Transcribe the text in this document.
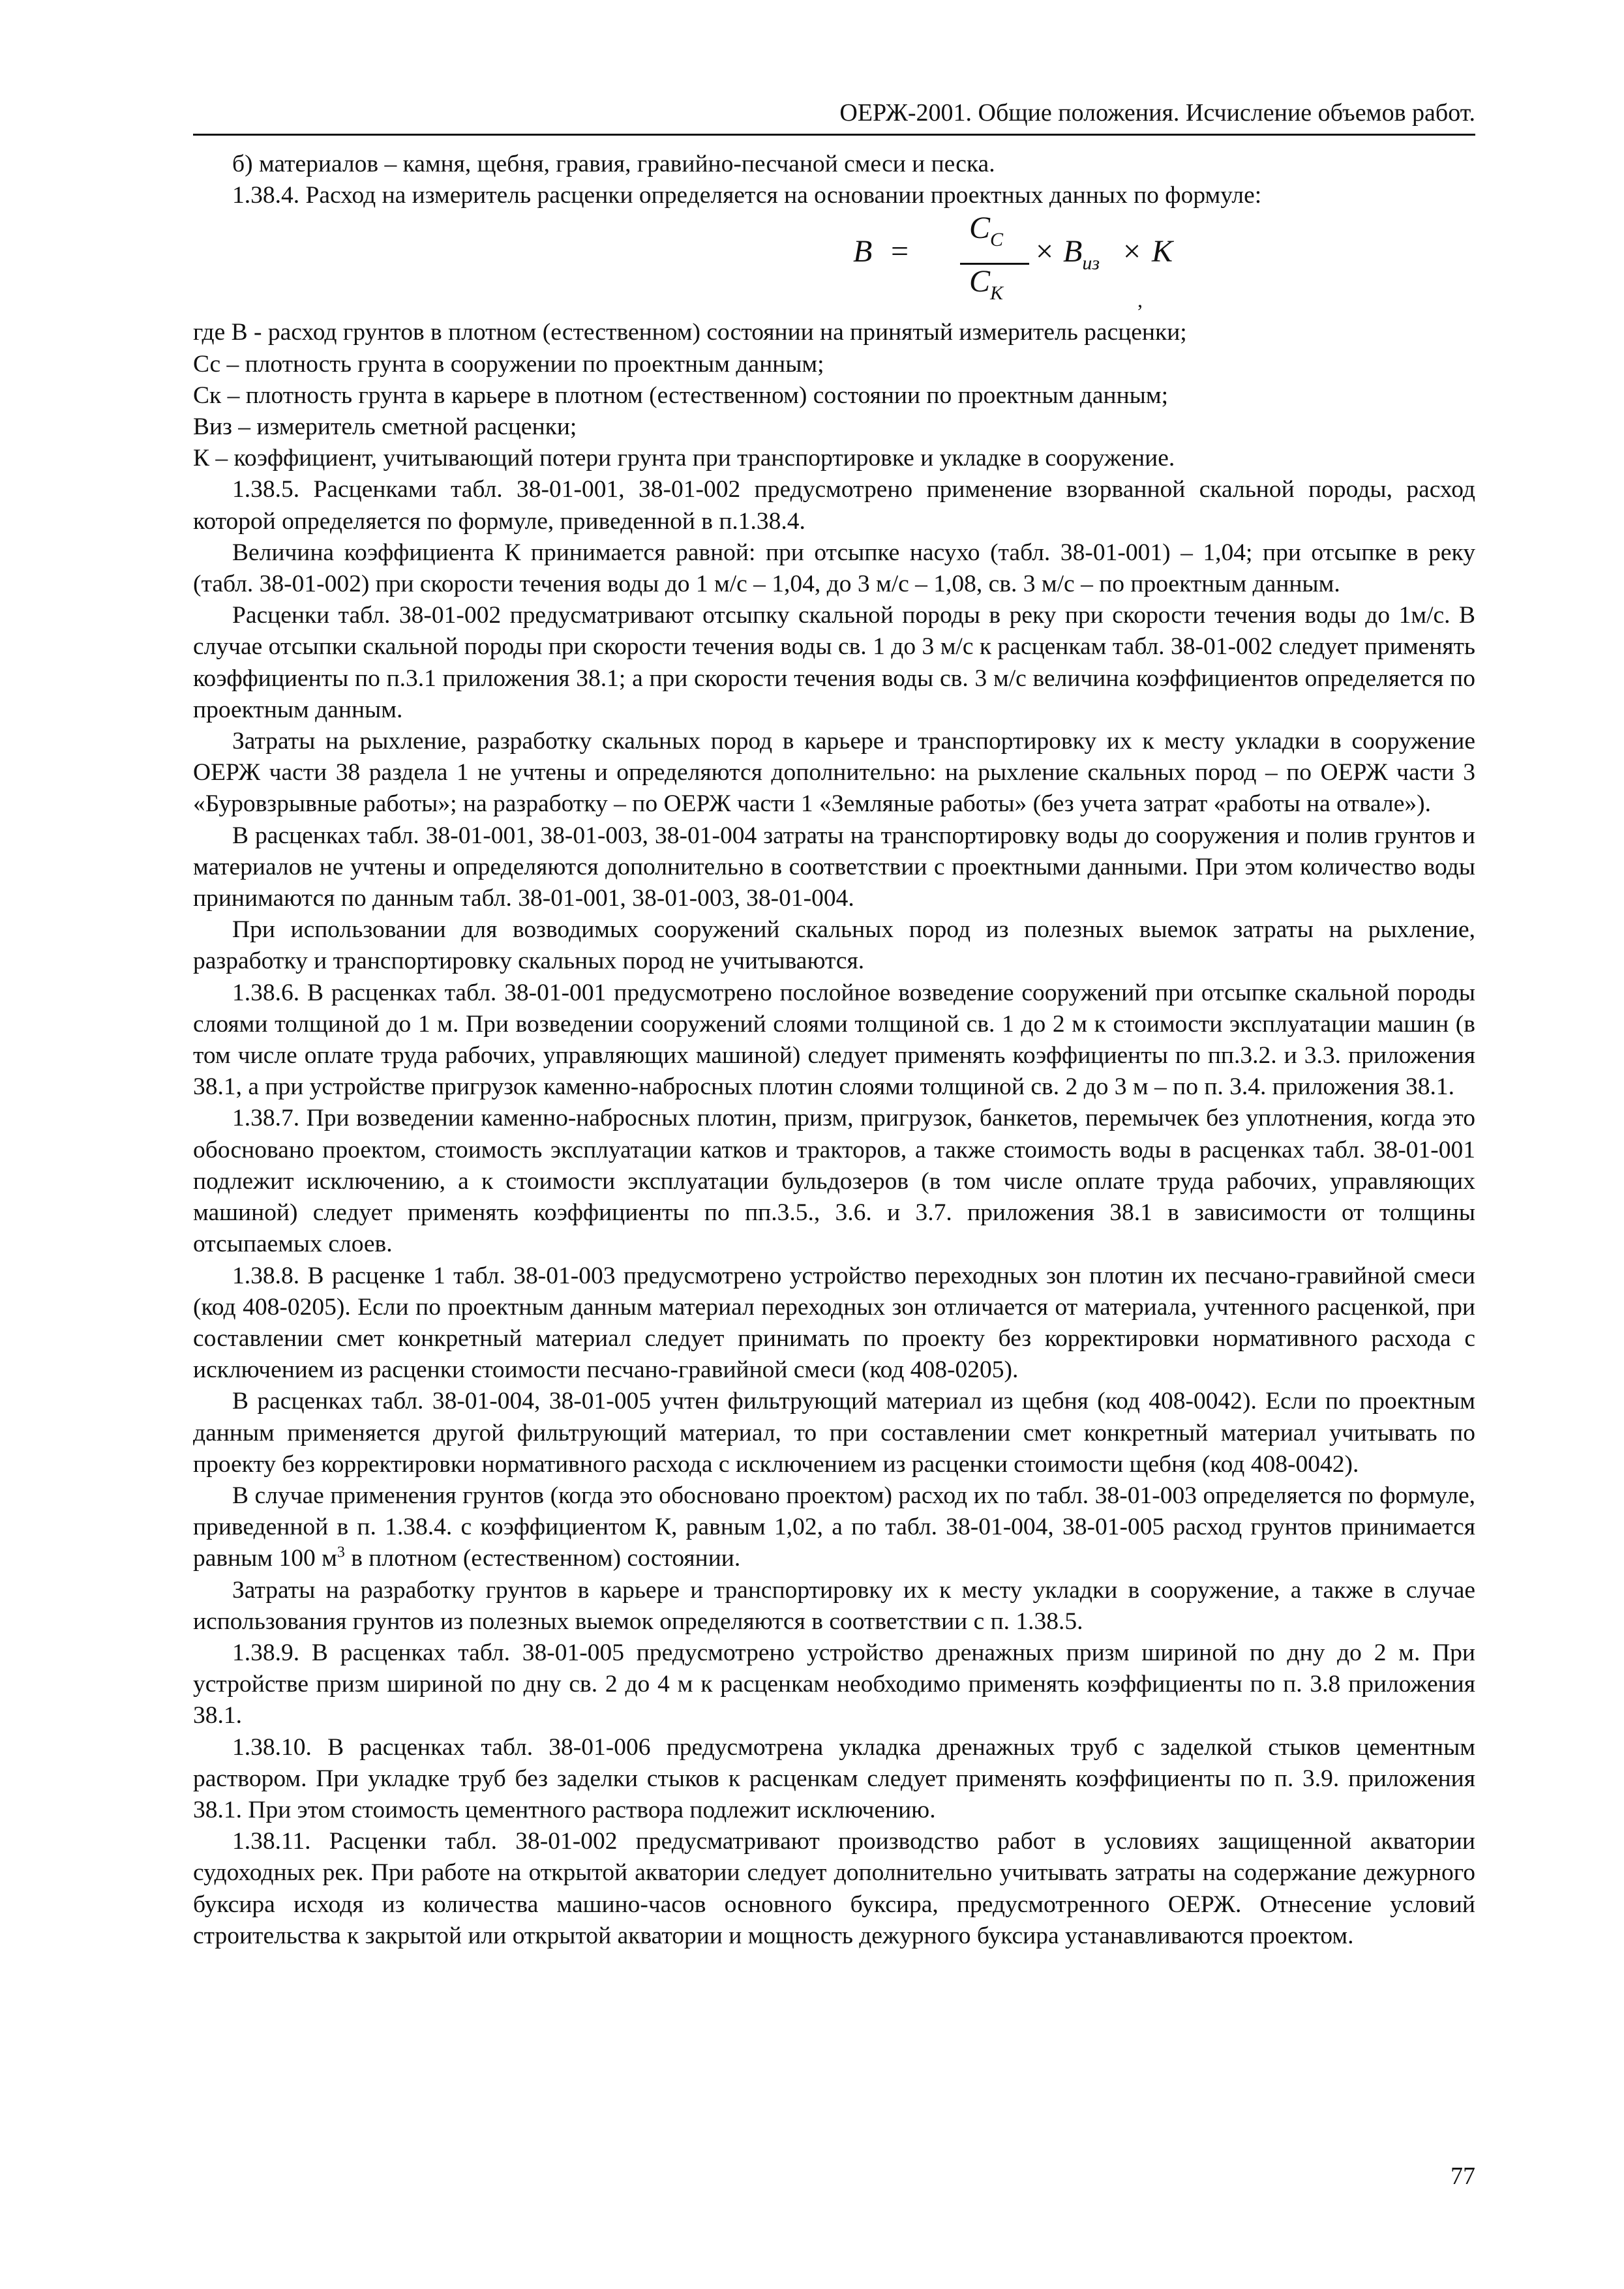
ОЕРЖ-2001. Общие положения. Исчисление объемов работ.

б) материалов – камня, щебня, гравия, гравийно-песчаной смеси и песка.

1.38.4. Расход на измеритель расценки определяется на основании проектных данных по формуле:

B =
$C_C$
$C_К$
× $B_{из} \times К$
,

где В - расход грунтов в плотном (естественном) состоянии на принятый измеритель расценки;

Сс – плотность грунта в сооружении по проектным данным;

Ск – плотность грунта в карьере в плотном (естественном) состоянии по проектным данным;

Виз – измеритель сметной расценки;

К – коэффициент, учитывающий потери грунта при транспортировке и укладке в сооружение.

1.38.5. Расценками табл. 38-01-001, 38-01-002 предусмотрено применение взорванной скальной породы, расход которой определяется по формуле, приведенной в п.1.38.4.

Величина коэффициента К принимается равной: при отсыпке насухо (табл. 38-01-001) – 1,04; при отсыпке в реку (табл. 38-01-002) при скорости течения воды до 1 м/с – 1,04, до 3 м/с – 1,08, св. 3 м/с – по проектным данным.

Расценки табл. 38-01-002 предусматривают отсыпку скальной породы в реку при скорости течения воды до 1м/с. В случае отсыпки скальной породы при скорости течения воды св. 1 до 3 м/с к расценкам табл. 38-01-002 следует применять коэффициенты по п.3.1 приложения 38.1; а при скорости течения воды св. 3 м/с величина коэффициентов определяется по проектным данным.

Затраты на рыхление, разработку скальных пород в карьере и транспортировку их к месту укладки в сооружение ОЕРЖ части 38 раздела 1 не учтены и определяются дополнительно: на рыхление скальных пород – по ОЕРЖ части 3 «Буровзрывные работы»; на разработку – по ОЕРЖ части 1 «Земляные работы» (без учета затрат «работы на отвале»).

В расценках табл. 38-01-001, 38-01-003, 38-01-004 затраты на транспортировку воды до сооружения и полив грунтов и материалов не учтены и определяются дополнительно в соответствии с проектными данными. При этом количество воды принимаются по данным табл. 38-01-001, 38-01-003, 38-01-004.

При использовании для возводимых сооружений скальных пород из полезных выемок затраты на рыхление, разработку и транспортировку скальных пород не учитываются.

1.38.6. В расценках табл. 38-01-001 предусмотрено послойное возведение сооружений при отсыпке скальной породы слоями толщиной до 1 м. При возведении сооружений слоями толщиной св. 1 до 2 м к стоимости эксплуатации машин (в том числе оплате труда рабочих, управляющих машиной) следует применять коэффициенты по пп.3.2. и 3.3. приложения 38.1, а при устройстве пригрузок каменно-набросных плотин слоями толщиной св. 2 до 3 м – по п. 3.4. приложения 38.1.

1.38.7. При возведении каменно-набросных плотин, призм, пригрузок, банкетов, перемычек без уплотнения, когда это обосновано проектом, стоимость эксплуатации катков и тракторов, а также стоимость воды в расценках табл. 38-01-001 подлежит исключению, а к стоимости эксплуатации бульдозеров (в том числе оплате труда рабочих, управляющих машиной) следует применять коэффициенты по пп.3.5., 3.6. и 3.7. приложения 38.1 в зависимости от толщины отсыпаемых слоев.

1.38.8. В расценке 1 табл. 38-01-003 предусмотрено устройство переходных зон плотин их песчано-гравийной смеси (код 408-0205). Если по проектным данным материал переходных зон отличается от материала, учтенного расценкой, при составлении смет конкретный материал следует принимать по проекту без корректировки нормативного расхода с исключением из расценки стоимости песчано-гравийной смеси (код 408-0205).

В расценках табл. 38-01-004, 38-01-005 учтен фильтрующий материал из щебня (код 408-0042). Если по проектным данным применяется другой фильтрующий материал, то при составлении смет конкретный материал учитывать по проекту без корректировки нормативного расхода с исключением из расценки стоимости щебня (код 408-0042).

В случае применения грунтов (когда это обосновано проектом) расход их по табл. 38-01-003 определяется по формуле, приведенной в п. 1.38.4. с коэффициентом К, равным 1,02, а по табл. 38-01-004, 38-01-005 расход грунтов принимается равным 100 $м^3$ в плотном (естественном) состоянии.

Затраты на разработку грунтов в карьере и транспортировку их к месту укладки в сооружение, а также в случае использования грунтов из полезных выемок определяются в соответствии с п. 1.38.5.

1.38.9. В расценках табл. 38-01-005 предусмотрено устройство дренажных призм шириной по дну до 2 м. При устройстве призм шириной по дну св. 2 до 4 м к расценкам необходимо применять коэффициенты по п. 3.8 приложения 38.1.

1.38.10. В расценках табл. 38-01-006 предусмотрена укладка дренажных труб с заделкой стыков цементным раствором. При укладке труб без заделки стыков к расценкам следует применять коэффициенты по п. 3.9. приложения 38.1. При этом стоимость цементного раствора подлежит исключению.

1.38.11. Расценки табл. 38-01-002 предусматривают производство работ в условиях защищенной акватории судоходных рек. При работе на открытой акватории следует дополнительно учитывать затраты на содержание дежурного буксира исходя из количества машино-часов основного буксира, предусмотренного ОЕРЖ. Отнесение условий строительства к закрытой или открытой акватории и мощность дежурного буксира устанавливаются проектом.

77
